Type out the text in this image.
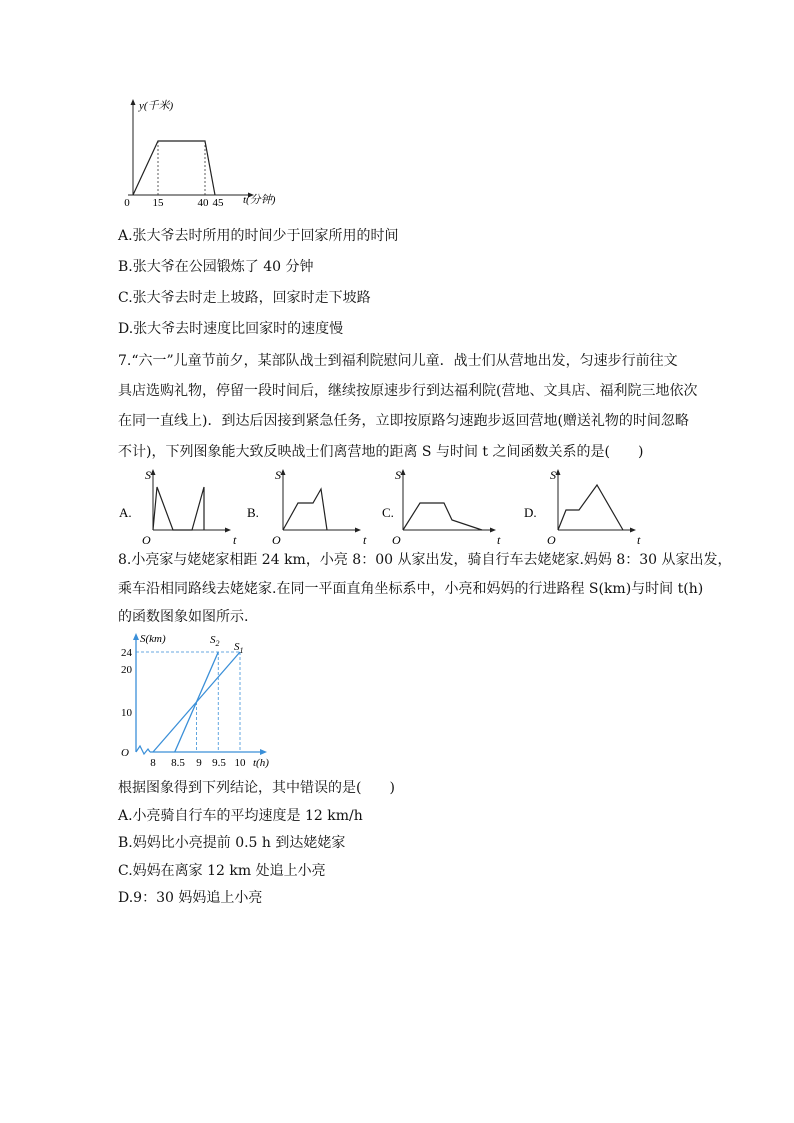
y(千米)
t(分钟)
0 15	40 45
A.张大爷去时所用的时间少于回家所用的时间
B.张大爷在公园锻炼了 40 分钟
C.张大爷去时走上坡路，回家时走下坡路
D.张大爷去时速度比回家时的速度慢
7.“六一”儿童节前夕，某部队战士到福利院慰问儿童．战士们从营地出发，匀速步行前往文
具店选购礼物，停留一段时间后，继续按原速步行到达福利院(营地、文具店、福利院三地依次
在同一直线上)．到达后因接到紧急任务，立即按原路匀速跑步返回营地(赠送礼物的时间忽略
不计)，下列图象能大致反映战士们离营地的距离 S 与时间 t 之间函数关系的是(　　)
A.
S
t
O
B.
S
t
O
C.
S
t
O
D.
S
t
O
8.小亮家与姥姥家相距 24 km，小亮 8：00 从家出发，骑自行车去姥姥家.妈妈 8：30 从家出发，
乘车沿相同路线去姥姥家.在同一平面直角坐标系中，小亮和妈妈的行进路程 S(km)与时间 t(h)
的函数图象如图所示.
S(km)
t(h)
O
24
20
10
8 8.5 9 9.5 10
$S_2$ $S_1$
根据图象得到下列结论，其中错误的是(　　)
A.小亮骑自行车的平均速度是 12 km/h
B.妈妈比小亮提前 0.5 h 到达姥姥家
C.妈妈在离家 12 km 处追上小亮
D.9：30 妈妈追上小亮
